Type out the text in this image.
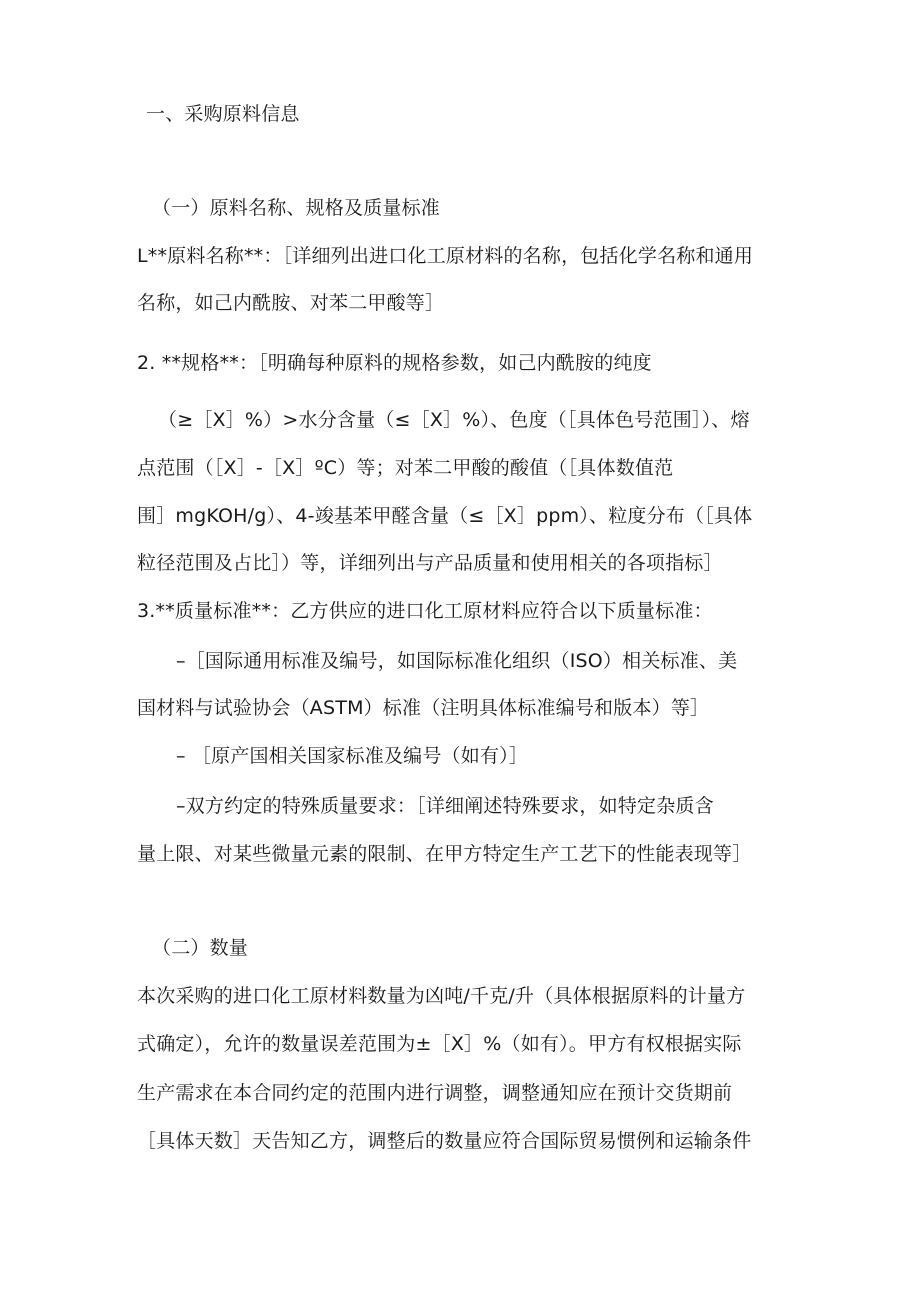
一、采购原料信息
（一）原料名称、规格及质量标准
L**原料名称**：［详细列出进口化工原材料的名称，包括化学名称和通用
名称，如己内酰胺、对苯二甲酸等］
2. **规格**：［明确每种原料的规格参数，如己内酰胺的纯度
（≥［X］%）>水分含量（≤［X］%）、色度（［具体色号范围］）、熔
点范围（［X］-［X］ºC）等；对苯二甲酸的酸值（［具体数值范
围］mgKOH∕g）、4-竣基苯甲醛含量（≤［X］ppm）、粒度分布（［具体
粒径范围及占比］）等，详细列出与产品质量和使用相关的各项指标］
3.**质量标准**：乙方供应的进口化工原材料应符合以下质量标准：
–［国际通用标准及编号，如国际标准化组织（ISO）相关标准、美
国材料与试验协会（ASTM）标准（注明具体标准编号和版本）等］
– ［原产国相关国家标准及编号（如有）］
–双方约定的特殊质量要求：［详细阐述特殊要求，如特定杂质含
量上限、对某些微量元素的限制、在甲方特定生产工艺下的性能表现等］
（二）数量
本次采购的进口化工原材料数量为凶吨/千克/升（具体根据原料的计量方
式确定），允许的数量误差范围为±［X］%（如有）。甲方有权根据实际
生产需求在本合同约定的范围内进行调整，调整通知应在预计交货期前
［具体天数］天告知乙方，调整后的数量应符合国际贸易惯例和运输条件
